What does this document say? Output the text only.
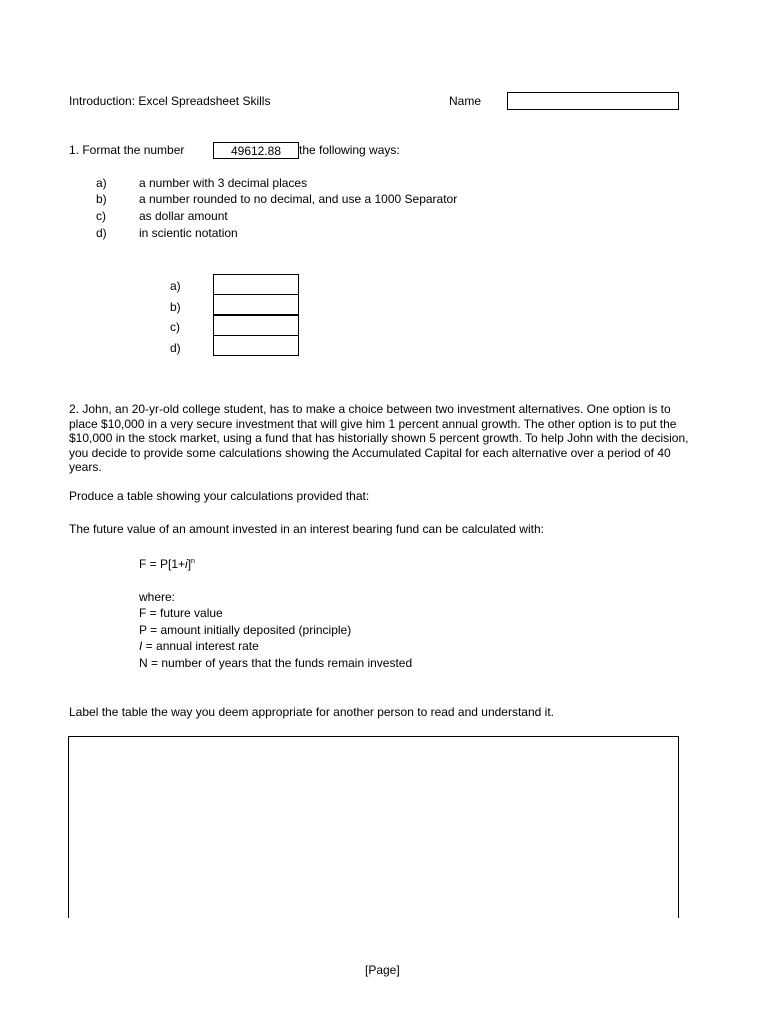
Introduction: Excel Spreadsheet Skills	Name
1. Format the number	49612.88	the following ways:
a)	a number with 3 decimal places
b)	a number rounded to no decimal, and use a 1000 Separator
c)	as dollar amount
d)	in scientic notation
a)
b)
c)
d)
2. John, an 20-yr-old college student, has to make a choice between two investment alternatives. One option is to place $10,000 in a very secure investment that will give him 1 percent annual growth. The other option is to put the $10,000 in the stock market, using a fund that has historially shown 5 percent growth. To help John with the decision, you decide to provide some calculations showing the Accumulated Capital for each alternative over a period of 40 years.
Produce a table showing your calculations provided that:
The future value of an amount invested in an interest bearing fund can be calculated with:
$F = P[1+i]^n$
where:
F = future value
P = amount initially deposited (principle)
I = annual interest rate
N = number of years that the funds remain invested
Label the table the way you deem appropriate for another person to read and understand it.
[Page]
